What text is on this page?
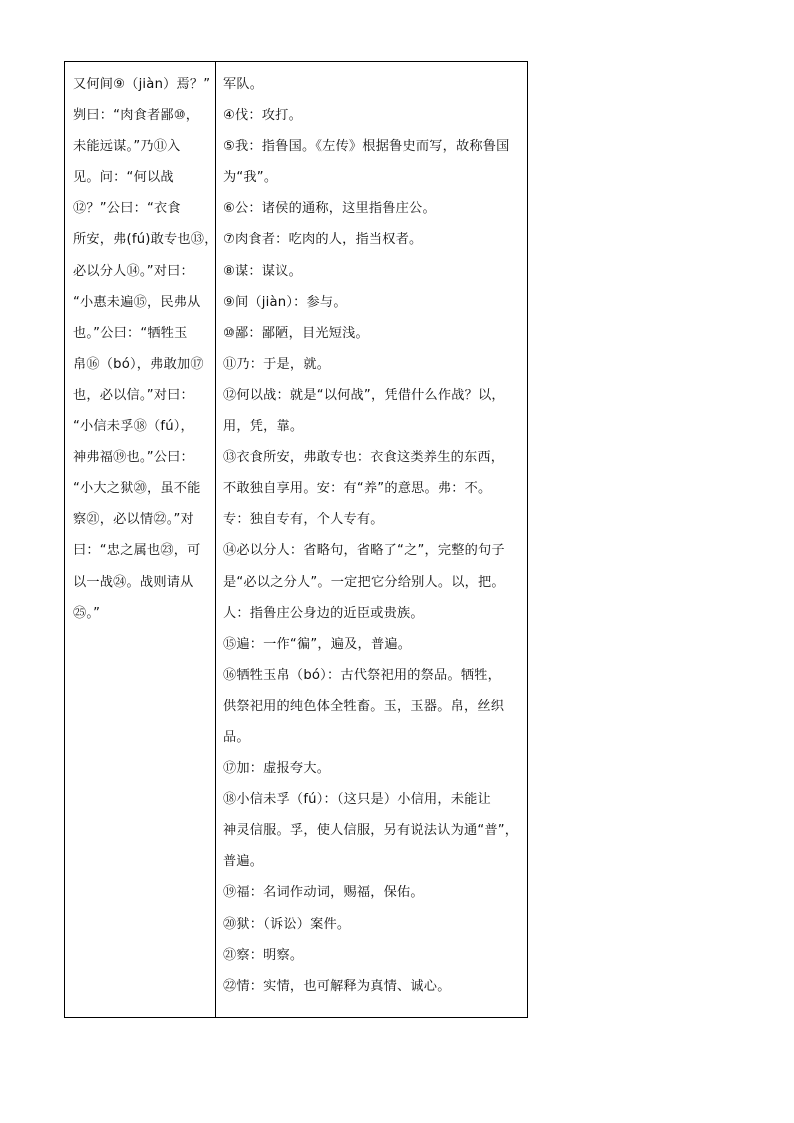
又何间⑨（jiàn）焉？”
刿曰：“肉食者鄙⑩，
未能远谋。”乃⑪入
见。问：“何以战
⑫？”公曰：“衣食
所安，弗(fú)敢专也⑬，
必以分人⑭。”对曰：
“小惠未遍⑮，民弗从
也。”公曰：“牺牲玉
帛⑯（bó），弗敢加⑰
也，必以信。”对曰：
“小信未孚⑱（fú），
神弗福⑲也。”公曰：
“小大之狱⑳，虽不能
察㉑，必以情㉒。”对
曰：“忠之属也㉓，可
以一战㉔。战则请从
㉕。”
军队。
④伐：攻打。
⑤我：指鲁国。《左传》根据鲁史而写，故称鲁国
为“我”。
⑥公：诸侯的通称，这里指鲁庄公。
⑦肉食者：吃肉的人，指当权者。
⑧谋：谋议。
⑨间（jiàn）：参与。
⑩鄙：鄙陋，目光短浅。
⑪乃：于是，就。
⑫何以战：就是“以何战”，凭借什么作战？以，
用，凭，靠。
⑬衣食所安，弗敢专也：衣食这类养生的东西，
不敢独自享用。安：有“养”的意思。弗：不。
专：独自专有，个人专有。
⑭必以分人：省略句，省略了“之”，完整的句子
是“必以之分人”。一定把它分给别人。以，把。
人：指鲁庄公身边的近臣或贵族。
⑮遍：一作“徧”，遍及，普遍。
⑯牺牲玉帛（bó）：古代祭祀用的祭品。牺牲，
供祭祀用的纯色体全牲畜。玉，玉器。帛，丝织
品。
⑰加：虚报夸大。
⑱小信未孚（fú）：（这只是）小信用，未能让
神灵信服。孚，使人信服，另有说法认为通“普”，
普遍。
⑲福：名词作动词，赐福，保佑。
⑳狱：（诉讼）案件。
㉑察：明察。
㉒情：实情，也可解释为真情、诚心。
